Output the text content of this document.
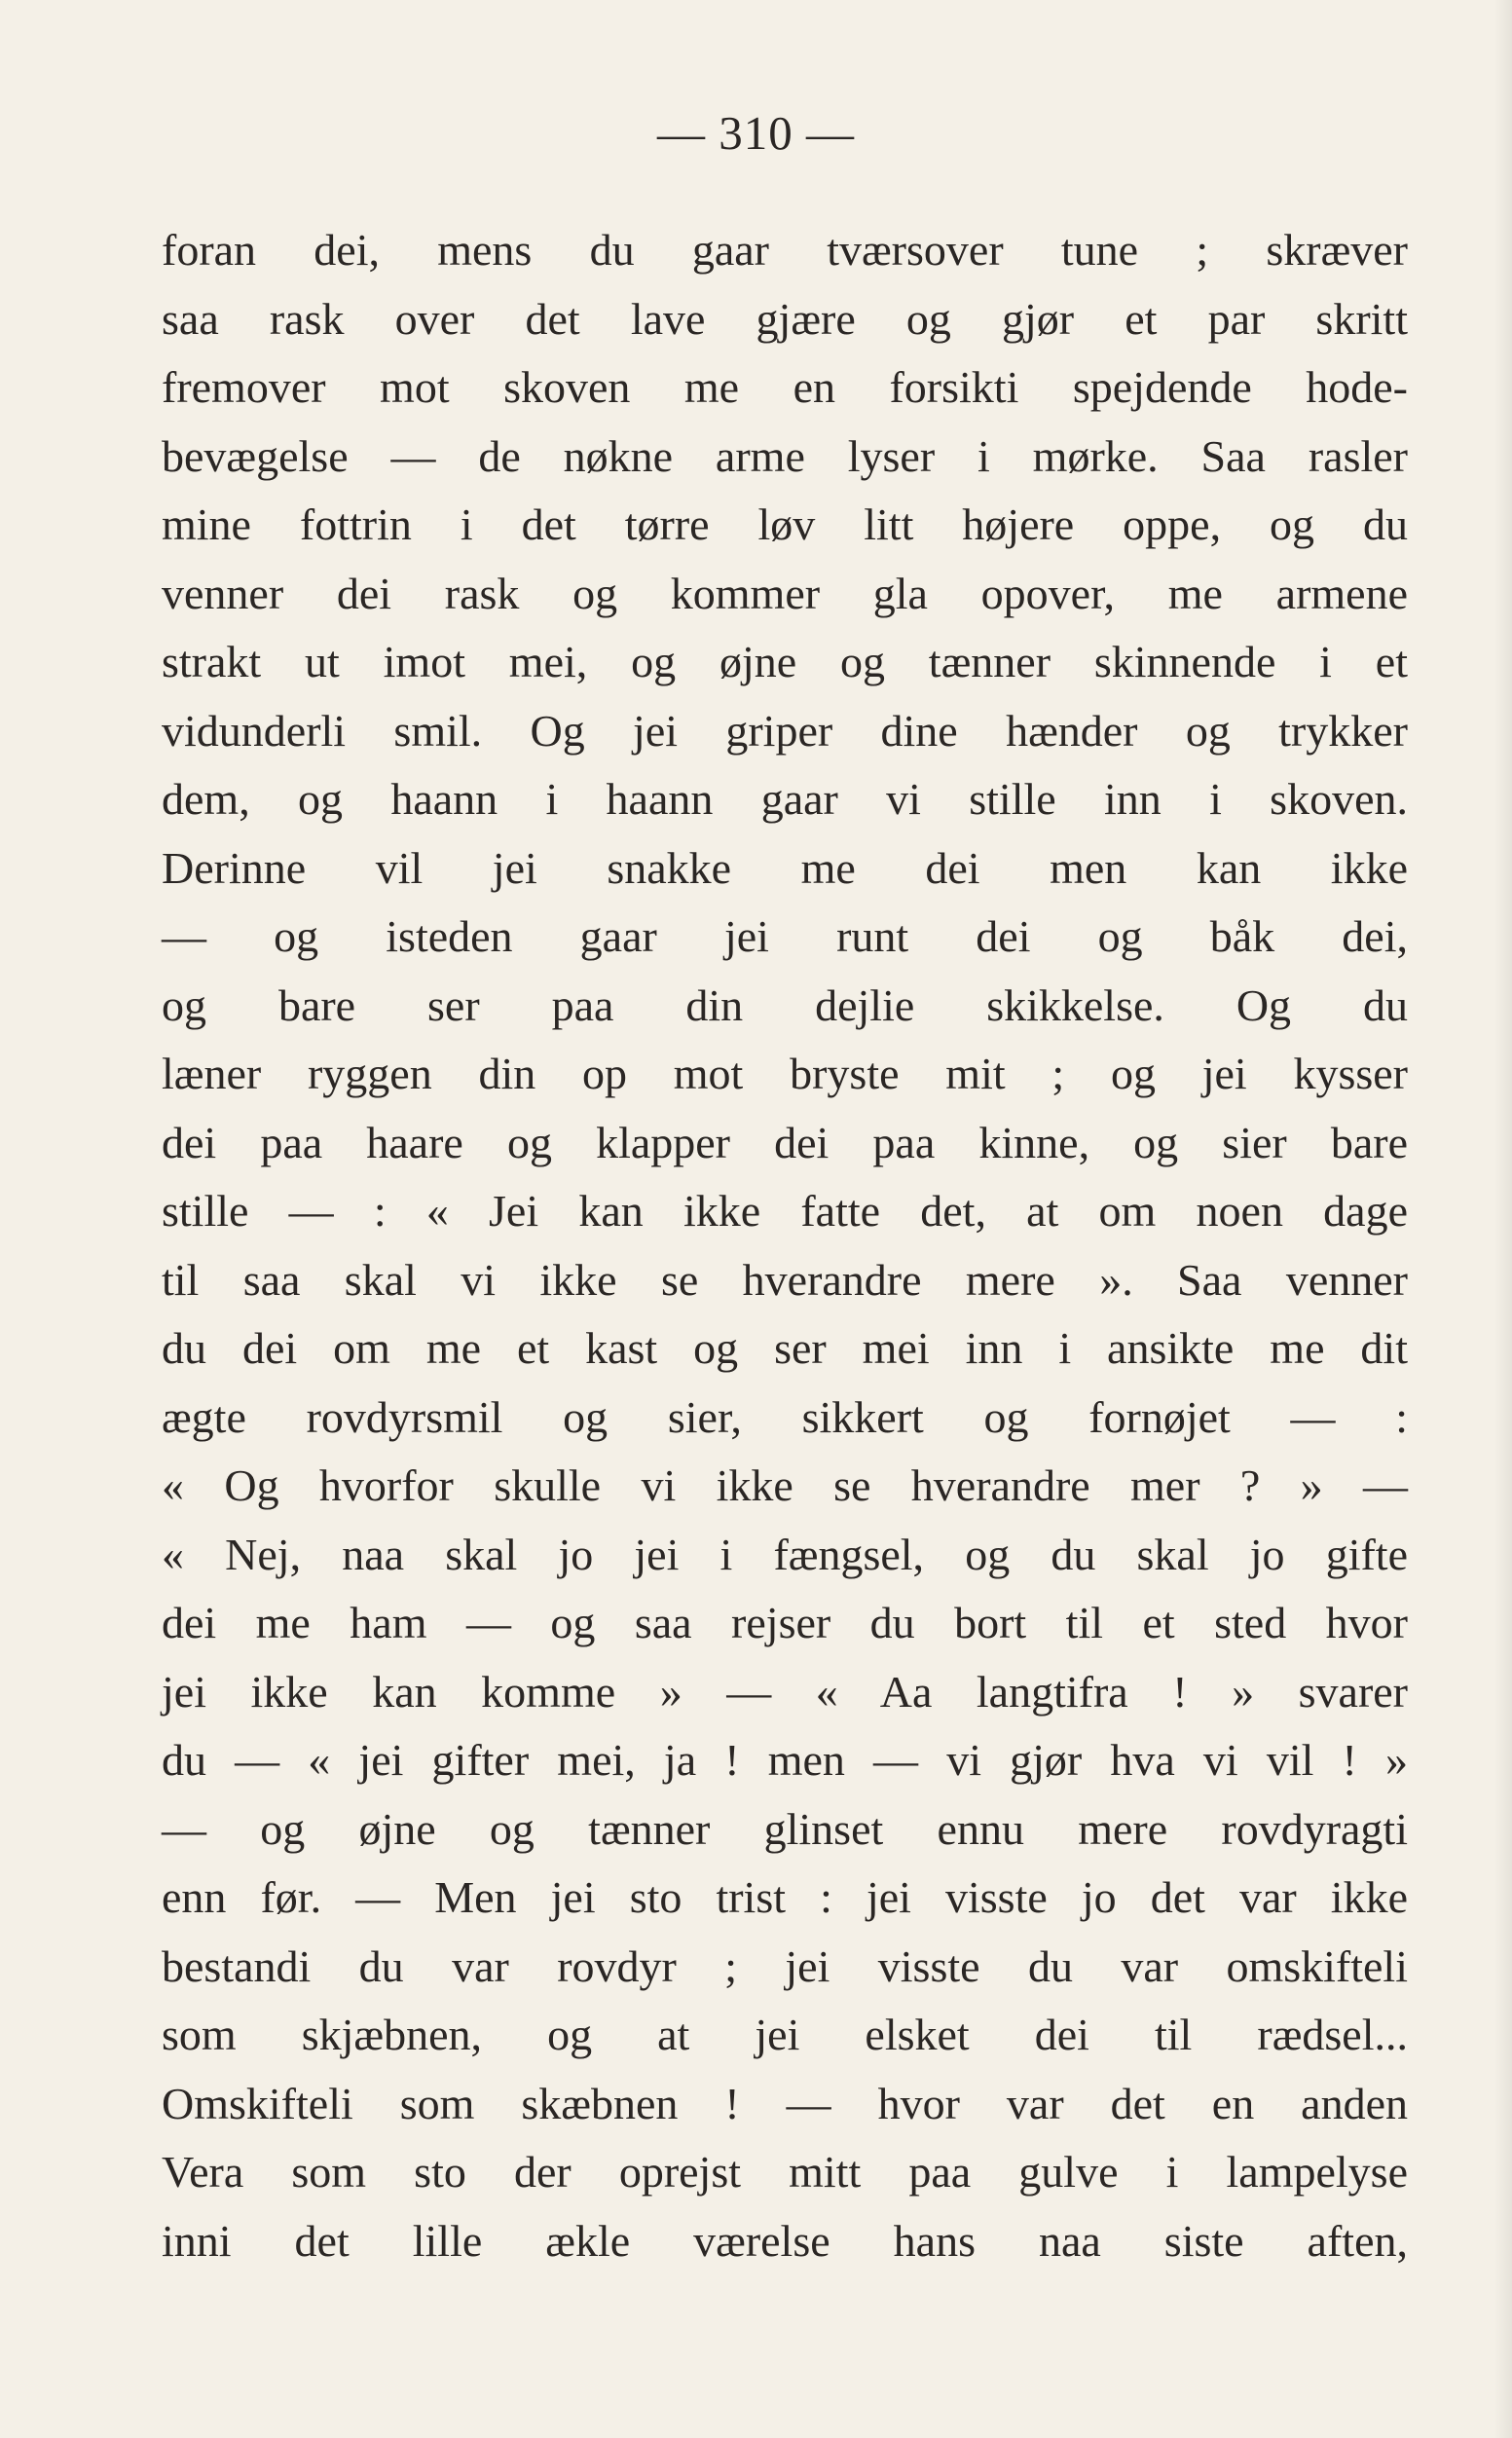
— 310 —
foran dei, mens du gaar tværsover tune ; skræver
saa rask over det lave gjære og gjør et par skritt
fremover mot skoven me en forsikti spejdende hode-
bevægelse — de nøkne arme lyser i mørke. Saa rasler
mine fottrin i det tørre løv litt højere oppe, og du
venner dei rask og kommer gla opover, me armene
strakt ut imot mei, og øjne og tænner skinnende i et
vidunderli smil. Og jei griper dine hænder og trykker
dem, og haann i haann gaar vi stille inn i skoven.
Derinne vil jei snakke me dei men kan ikke
— og isteden gaar jei runt dei og båk dei,
og bare ser paa din dejlie skikkelse. Og du
læner ryggen din op mot bryste mit ; og jei kysser
dei paa haare og klapper dei paa kinne, og sier bare
stille — : « Jei kan ikke fatte det, at om noen dage
til saa skal vi ikke se hverandre mere ». Saa venner
du dei om me et kast og ser mei inn i ansikte me dit
ægte rovdyrsmil og sier, sikkert og fornøjet — :
« Og hvorfor skulle vi ikke se hverandre mer ? » —
« Nej, naa skal jo jei i fængsel, og du skal jo gifte
dei me ham — og saa rejser du bort til et sted hvor
jei ikke kan komme » — « Aa langtifra ! » svarer
du — « jei gifter mei, ja ! men — vi gjør hva vi vil ! »
— og øjne og tænner glinset ennu mere rovdyragti
enn før. — Men jei sto trist : jei visste jo det var ikke
bestandi du var rovdyr ; jei visste du var omskifteli
som skjæbnen, og at jei elsket dei til rædsel...
Omskifteli som skæbnen ! — hvor var det en anden
Vera som sto der oprejst mitt paa gulve i lampelyse
inni det lille ækle værelse hans naa siste aften,
